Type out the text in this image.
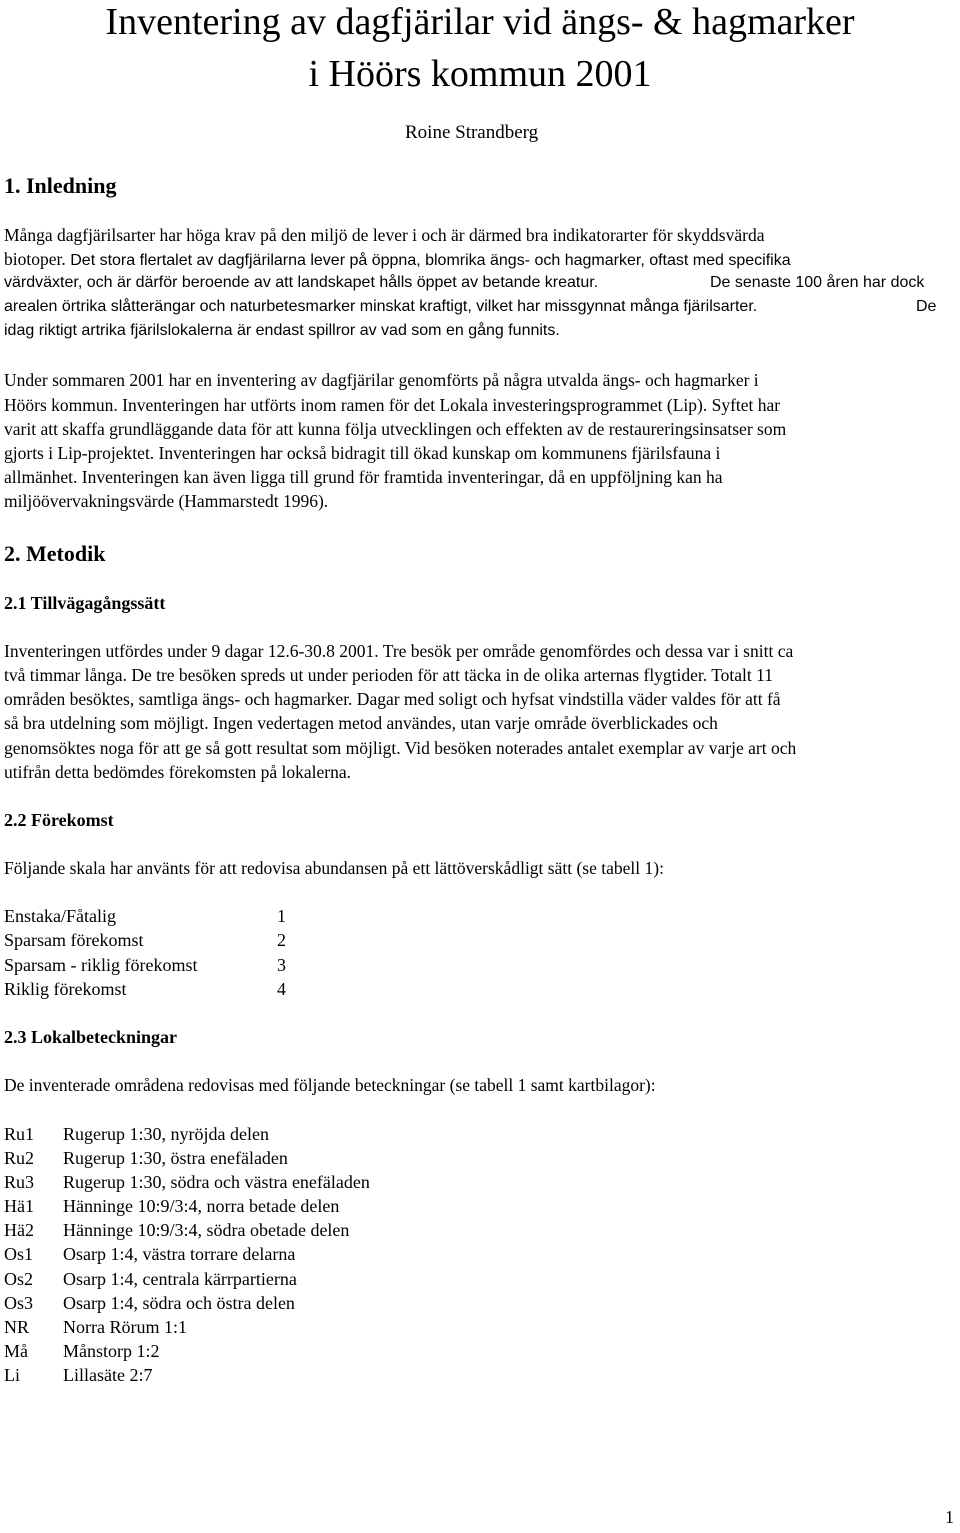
Inventering av dagfjärilar vid ängs- & hagmarker
i Höörs kommun 2001
Roine Strandberg
1. Inledning
Många dagfjärilsarter har höga krav på den miljö de lever i och är därmed bra indikatorarter för skyddsvärda
biotoper. Det stora flertalet av dagfjärilarna lever på öppna, blomrika ängs- och hagmarker, oftast med specifika
värdväxter, och är därför beroende av att landskapet hålls öppet av betande kreatur.	De senaste 100 åren har dock
arealen örtrika slåtterängar och naturbetesmarker minskat kraftigt, vilket har missgynnat många fjärilsarter.	De
idag riktigt artrika fjärilslokalerna är endast spillror av vad som en gång funnits.
Under sommaren 2001 har en inventering av dagfjärilar genomförts på några utvalda ängs- och hagmarker i
Höörs kommun. Inventeringen har utförts inom ramen för det Lokala investeringsprogrammet (Lip). Syftet har
varit att skaffa grundläggande data för att kunna följa utvecklingen och effekten av de restaureringsinsatser som
gjorts i Lip-projektet. Inventeringen har också bidragit till ökad kunskap om kommunens fjärilsfauna i
allmänhet. Inventeringen kan även ligga till grund för framtida inventeringar, då en uppföljning kan ha
miljöövervakningsvärde (Hammarstedt 1996).
2. Metodik
2.1 Tillvägagångssätt
Inventeringen utfördes under 9 dagar 12.6-30.8 2001. Tre besök per område genomfördes och dessa var i snitt ca
två timmar långa. De tre besöken spreds ut under perioden för att täcka in de olika arternas flygtider. Totalt 11
områden besöktes, samtliga ängs- och hagmarker. Dagar med soligt och hyfsat vindstilla väder valdes för att få
så bra utdelning som möjligt. Ingen vedertagen metod användes, utan varje område överblickades och
genomsöktes noga för att ge så gott resultat som möjligt. Vid besöken noterades antalet exemplar av varje art och
utifrån detta bedömdes förekomsten på lokalerna.
2.2 Förekomst
Följande skala har använts för att redovisa abundansen på ett lättöverskådligt sätt (se tabell 1):
Enstaka/Fåtalig	1
Sparsam förekomst	2
Sparsam - riklig förekomst	3
Riklig förekomst	4
2.3 Lokalbeteckningar
De inventerade områdena redovisas med följande beteckningar (se tabell 1 samt kartbilagor):
Ru1 Rugerup 1:30, nyröjda delen
Ru2 Rugerup 1:30, östra enefäladen
Ru3 Rugerup 1:30, södra och västra enefäladen
Hä1 Hänninge 10:9/3:4, norra betade delen
Hä2 Hänninge 10:9/3:4, södra obetade delen
Os1 Osarp 1:4, västra torrare delarna
Os2 Osarp 1:4, centrala kärrpartierna
Os3 Osarp 1:4, södra och östra delen
NR Norra Rörum 1:1
Må Månstorp 1:2
Li Lillasäte 2:7
1
